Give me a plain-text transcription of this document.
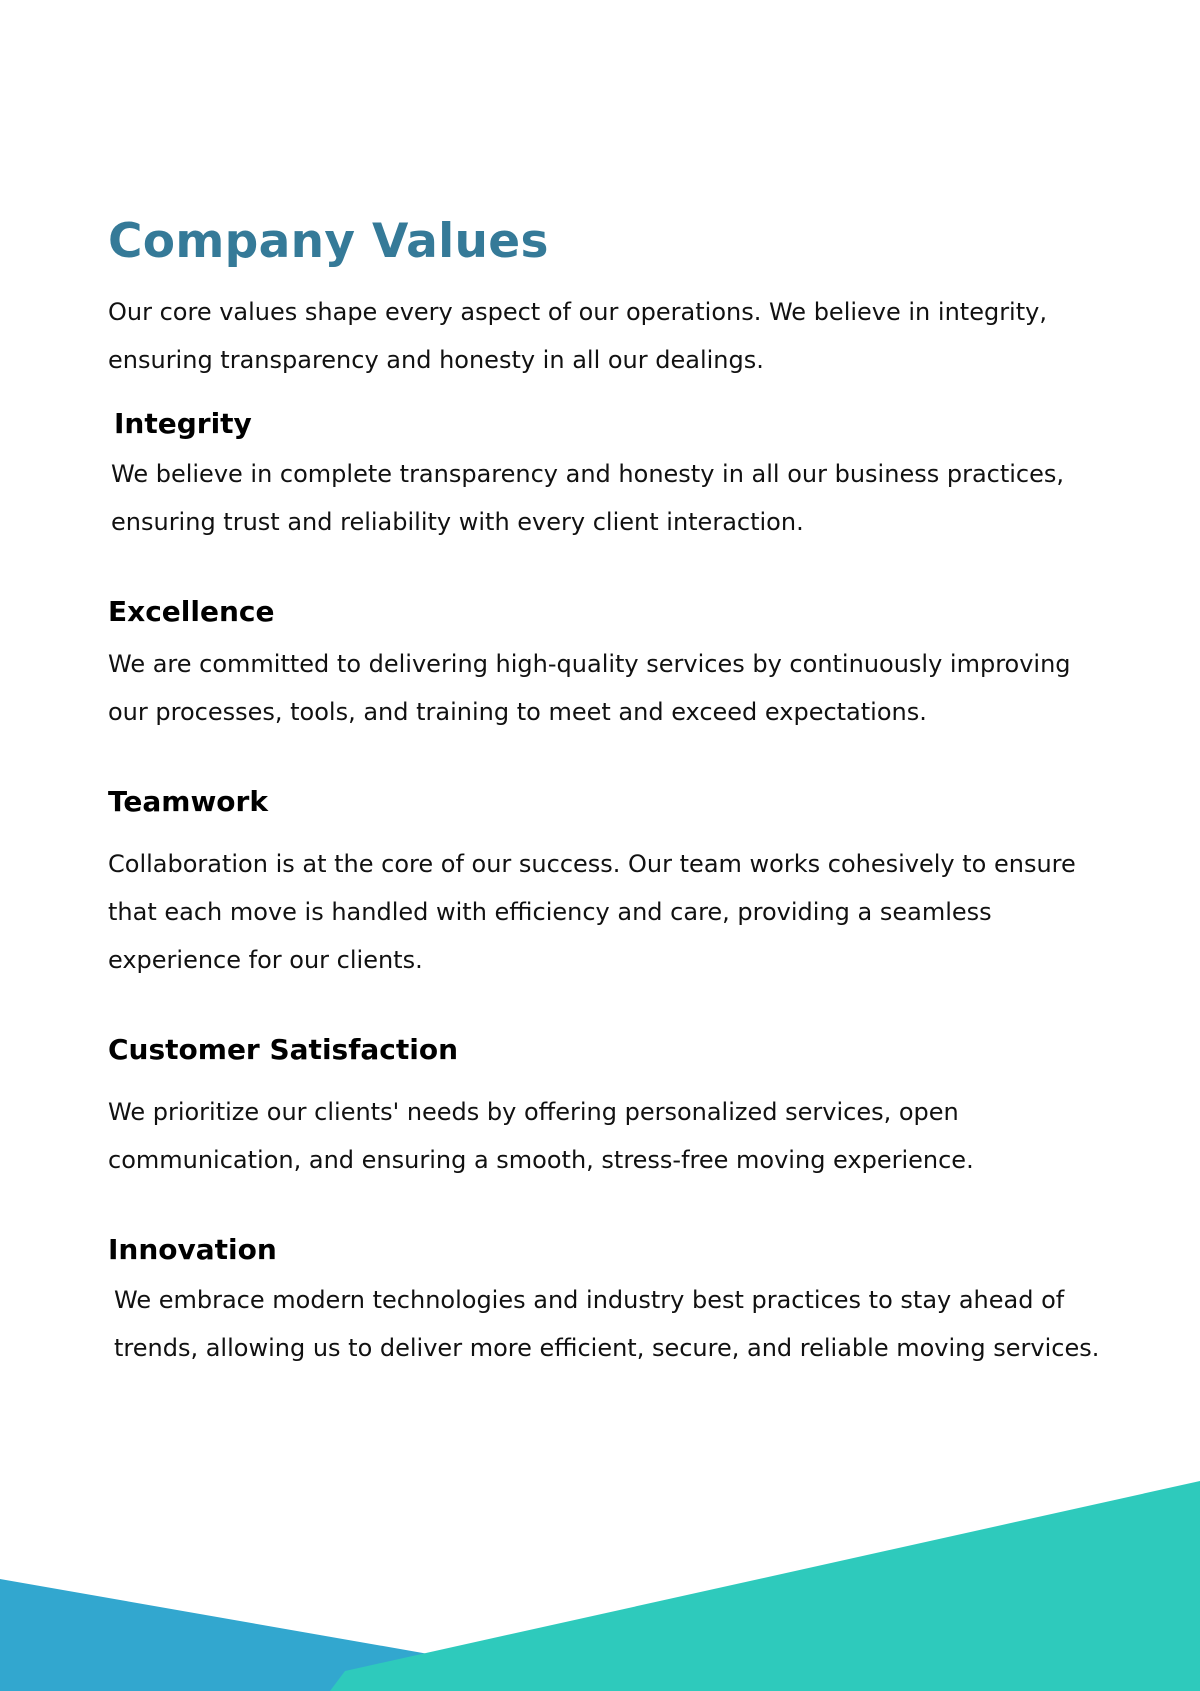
Company Values

Our core values shape every aspect of our operations. We believe in integrity, ensuring transparency and honesty in all our dealings.

Integrity

We believe in complete transparency and honesty in all our business practices, ensuring trust and reliability with every client interaction.

Excellence

We are committed to delivering high-quality services by continuously improving our processes, tools, and training to meet and exceed expectations.

Teamwork

Collaboration is at the core of our success. Our team works cohesively to ensure that each move is handled with efficiency and care, providing a seamless experience for our clients.

Customer Satisfaction

We prioritize our clients' needs by offering personalized services, open communication, and ensuring a smooth, stress-free moving experience.

Innovation

We embrace modern technologies and industry best practices to stay ahead of trends, allowing us to deliver more efficient, secure, and reliable moving services.
